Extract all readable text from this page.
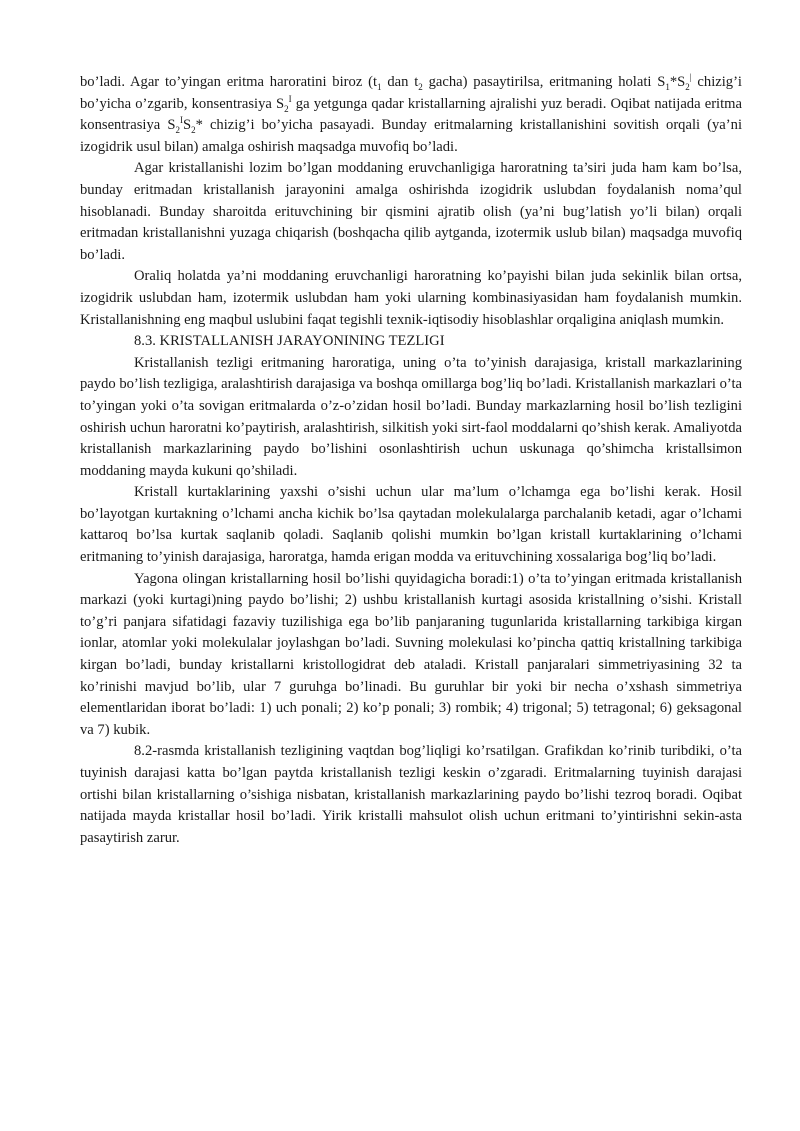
bo’ladi. Agar to’yingan eritma haroratini biroz ($t_1$ dan $t_2$ gacha) pasaytirilsa, eritmaning holati $S_1*S_2^|$ chizig’i bo’yicha o’zgarib, konsentrasiya $S_2^I$ ga yetgunga qadar kristallarning ajralishi yuz beradi. Oqibat natijada eritma konsentrasiya $S_2^IS_2*$ chizig’i bo’yicha pasayadi. Bunday eritmalarning kristallanishini sovitish orqali (ya’ni izogidrik usul bilan) amalga oshirish maqsadga muvofiq bo’ladi.

Agar kristallanishi lozim bo’lgan moddaning eruvchanligiga haroratning ta’siri juda ham kam bo’lsa, bunday eritmadan kristallanish jarayonini amalga oshirishda izogidrik uslubdan foydalanish noma’qul hisoblanadi. Bunday sharoitda erituvchining bir qismini ajratib olish (ya’ni bug’latish yo’li bilan) orqali eritmadan kristallanishni yuzaga chiqarish (boshqacha qilib aytganda, izotermik uslub bilan) maqsadga muvofiq bo’ladi.

Oraliq holatda ya’ni moddaning eruvchanligi haroratning ko’payishi bilan juda sekinlik bilan ortsa, izogidrik uslubdan ham, izotermik uslubdan ham yoki ularning kombinasiyasidan ham foydalanish mumkin. Kristallanishning eng maqbul uslubini faqat tegishli texnik-iqtisodiy hisoblashlar orqaligina aniqlash mumkin.

8.3. KRISTALLANISH JARAYONINING TEZLIGI

Kristallanish tezligi eritmaning haroratiga, uning o’ta to’yinish darajasiga, kristall markazlarining paydo bo’lish tezligiga, aralashtirish darajasiga va boshqa omillarga bog’liq bo’ladi. Kristallanish markazlari o’ta to’yingan yoki o’ta sovigan eritmalarda o’z-o’zidan hosil bo’ladi. Bunday markazlarning hosil bo’lish tezligini oshirish uchun haroratni ko’paytirish, aralashtirish, silkitish yoki sirt-faol moddalarni qo’shish kerak. Amaliyotda kristallanish markazlarining paydo bo’lishini osonlashtirish uchun uskunaga qo’shimcha kristallsimon moddaning mayda kukuni qo’shiladi.

Kristall kurtaklarining yaxshi o’sishi uchun ular ma’lum o’lchamga ega bo’lishi kerak. Hosil bo’layotgan kurtakning o’lchami ancha kichik bo’lsa qaytadan molekulalarga parchalanib ketadi, agar o’lchami kattaroq bo’lsa kurtak saqlanib qoladi. Saqlanib qolishi mumkin bo’lgan kristall kurtaklarining o’lchami eritmaning to’yinish darajasiga, haroratga, hamda erigan modda va erituvchining xossalariga bog’liq bo’ladi.

Yagona olingan kristallarning hosil bo’lishi quyidagicha boradi:1) o’ta to’yingan eritmada kristallanish markazi (yoki kurtagi)ning paydo bo’lishi; 2) ushbu kristallanish kurtagi asosida kristallning o’sishi. Kristall to’g’ri panjara sifatidagi fazaviy tuzilishiga ega bo’lib panjaraning tugunlarida kristallarning tarkibiga kirgan ionlar, atomlar yoki molekulalar joylashgan bo’ladi. Suvning molekulasi ko’pincha qattiq kristallning tarkibiga kirgan bo’ladi, bunday kristallarni kristollogidrat deb ataladi. Kristall panjaralari simmetriyasining 32 ta ko’rinishi mavjud bo’lib, ular 7 guruhga bo’linadi. Bu guruhlar bir yoki bir necha o’xshash simmetriya elementlaridan iborat bo’ladi: 1) uch ponali; 2) ko’p ponali; 3) rombik; 4) trigonal; 5) tetragonal; 6) geksagonal va 7) kubik.

8.2-rasmda kristallanish tezligining vaqtdan bog’liqligi ko’rsatilgan. Grafikdan ko’rinib turibdiki, o’ta tuyinish darajasi katta bo’lgan paytda kristallanish tezligi keskin o’zgaradi. Eritmalarning tuyinish darajasi ortishi bilan kristallarning o’sishiga nisbatan, kristallanish markazlarining paydo bo’lishi tezroq boradi. Oqibat natijada mayda kristallar hosil bo’ladi. Yirik kristalli mahsulot olish uchun eritmani to’yintirishni sekin-asta pasaytirish zarur.
